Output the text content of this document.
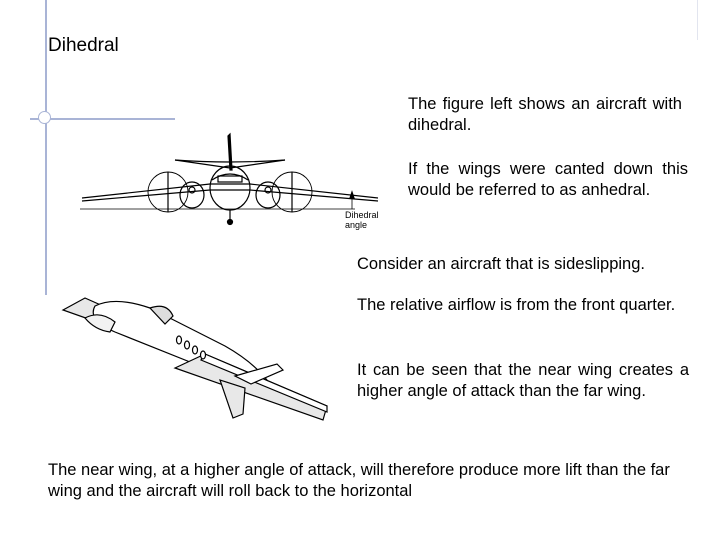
Dihedral
The figure left shows an aircraft with dihedral.
If the wings were canted down this would be referred to as anhedral.
Consider an aircraft that is sideslipping.
The relative airflow is from the front quarter.
It can be seen that the near wing creates a higher angle of attack than the far wing.
The near wing, at a higher angle of attack, will therefore produce more lift than the far wing and the aircraft will roll back to the horizontal
Dihedral
angle
